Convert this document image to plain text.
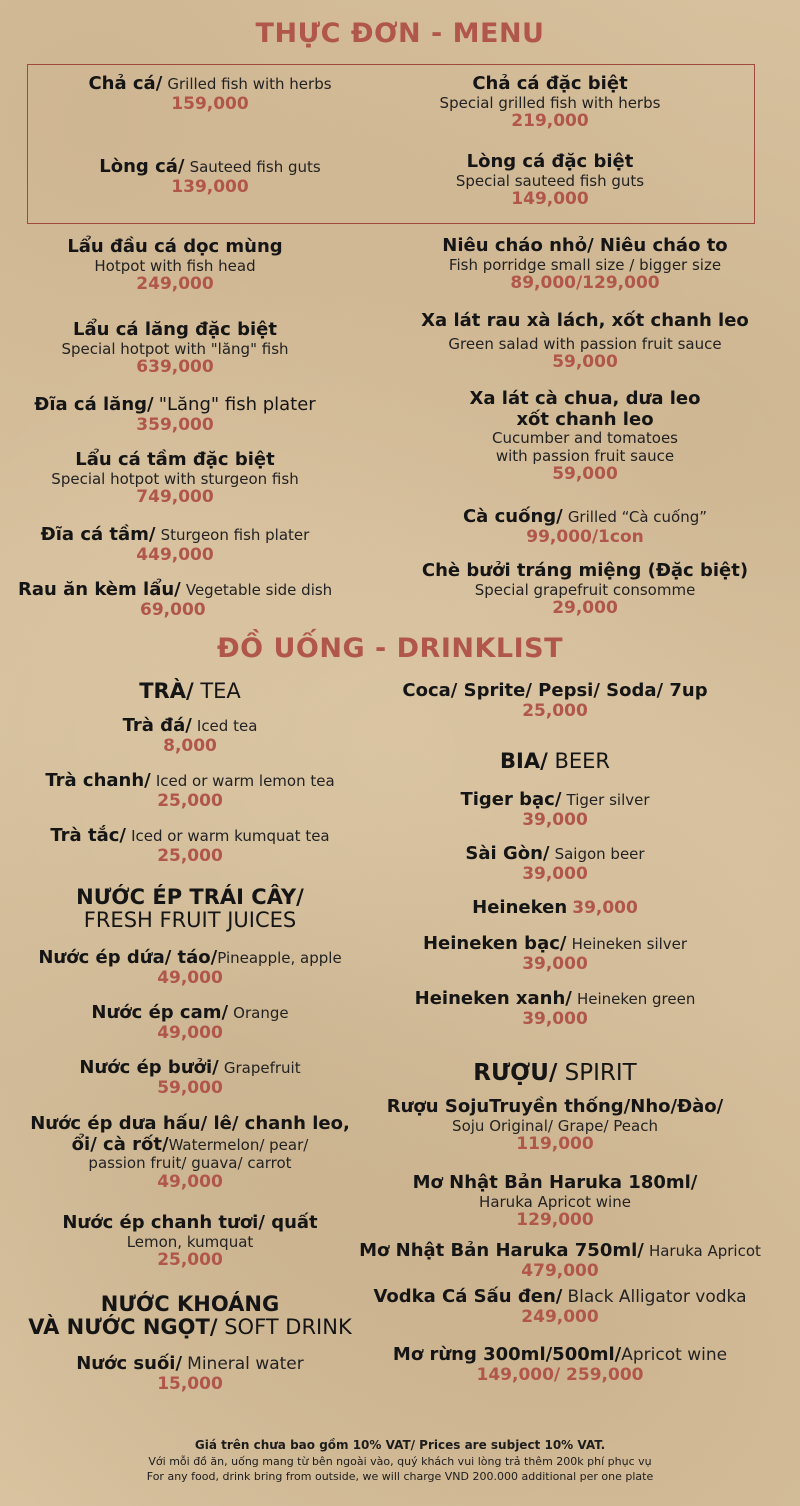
THỰC ĐƠN - MENU
Chả cá/ Grilled fish with herbs
159,000
Chả cá đặc biệt
Special grilled fish with herbs
219,000
Lòng cá/ Sauteed fish guts
139,000
Lòng cá đặc biệt
Special sauteed fish guts
149,000
Lẩu đầu cá dọc mùng
Hotpot with fish head
249,000
Lẩu cá lăng đặc biệt
Special hotpot with "lăng" fish
639,000
Đĩa cá lăng/ "Lăng" fish plater
359,000
Lẩu cá tầm đặc biệt
Special hotpot with sturgeon fish
749,000
Đĩa cá tầm/ Sturgeon fish plater
449,000
Rau ăn kèm lẩu/ Vegetable side dish
69,000
Niêu cháo nhỏ/ Niêu cháo to
Fish porridge small size / bigger size
89,000/129,000
Xa lát rau xà lách, xốt chanh leo
Green salad with passion fruit sauce
59,000
Xa lát cà chua, dưa leo
xốt chanh leo
Cucumber and tomatoes
with passion fruit sauce
59,000
Cà cuống/ Grilled “Cà cuống”
99,000/1con
Chè bưởi tráng miệng (Đặc biệt)
Special grapefruit consomme
29,000
ĐỒ UỐNG - DRINKLIST
TRÀ/ TEA
Trà đá/ Iced tea
8,000
Trà chanh/ Iced or warm lemon tea
25,000
Trà tắc/ Iced or warm kumquat tea
25,000
NƯỚC ÉP TRÁI CÂY/
FRESH FRUIT JUICES
Nước ép dứa/ táo/Pineapple, apple
49,000
Nước ép cam/ Orange
49,000
Nước ép bưởi/ Grapefruit
59,000
Nước ép dưa hấu/ lê/ chanh leo,
ổi/ cà rốt/Watermelon/ pear/
passion fruit/ guava/ carrot
49,000
Nước ép chanh tươi/ quất
Lemon, kumquat
25,000
NƯỚC KHOÁNG
VÀ NƯỚC NGỌT/ SOFT DRINK
Nước suối/ Mineral water
15,000
Coca/ Sprite/ Pepsi/ Soda/ 7up
25,000
BIA/ BEER
Tiger bạc/ Tiger silver
39,000
Sài Gòn/ Saigon beer
39,000
Heineken 39,000
Heineken bạc/ Heineken silver
39,000
Heineken xanh/ Heineken green
39,000
RƯỢU/ SPIRIT
Rượu SojuTruyền thống/Nho/Đào/
Soju Original/ Grape/ Peach
119,000
Mơ Nhật Bản Haruka 180ml/
Haruka Apricot wine
129,000
Mơ Nhật Bản Haruka 750ml/ Haruka Apricot
479,000
Vodka Cá Sấu đen/ Black Alligator vodka
249,000
Mơ rừng 300ml/500ml/Apricot wine
149,000/ 259,000
Giá trên chưa bao gồm 10% VAT/ Prices are subject 10% VAT.
Với mỗi đồ ăn, uống mang từ bên ngoài vào, quý khách vui lòng trả thêm 200k phí phục vụ
For any food, drink bring from outside, we will charge VND 200.000 additional per one plate
